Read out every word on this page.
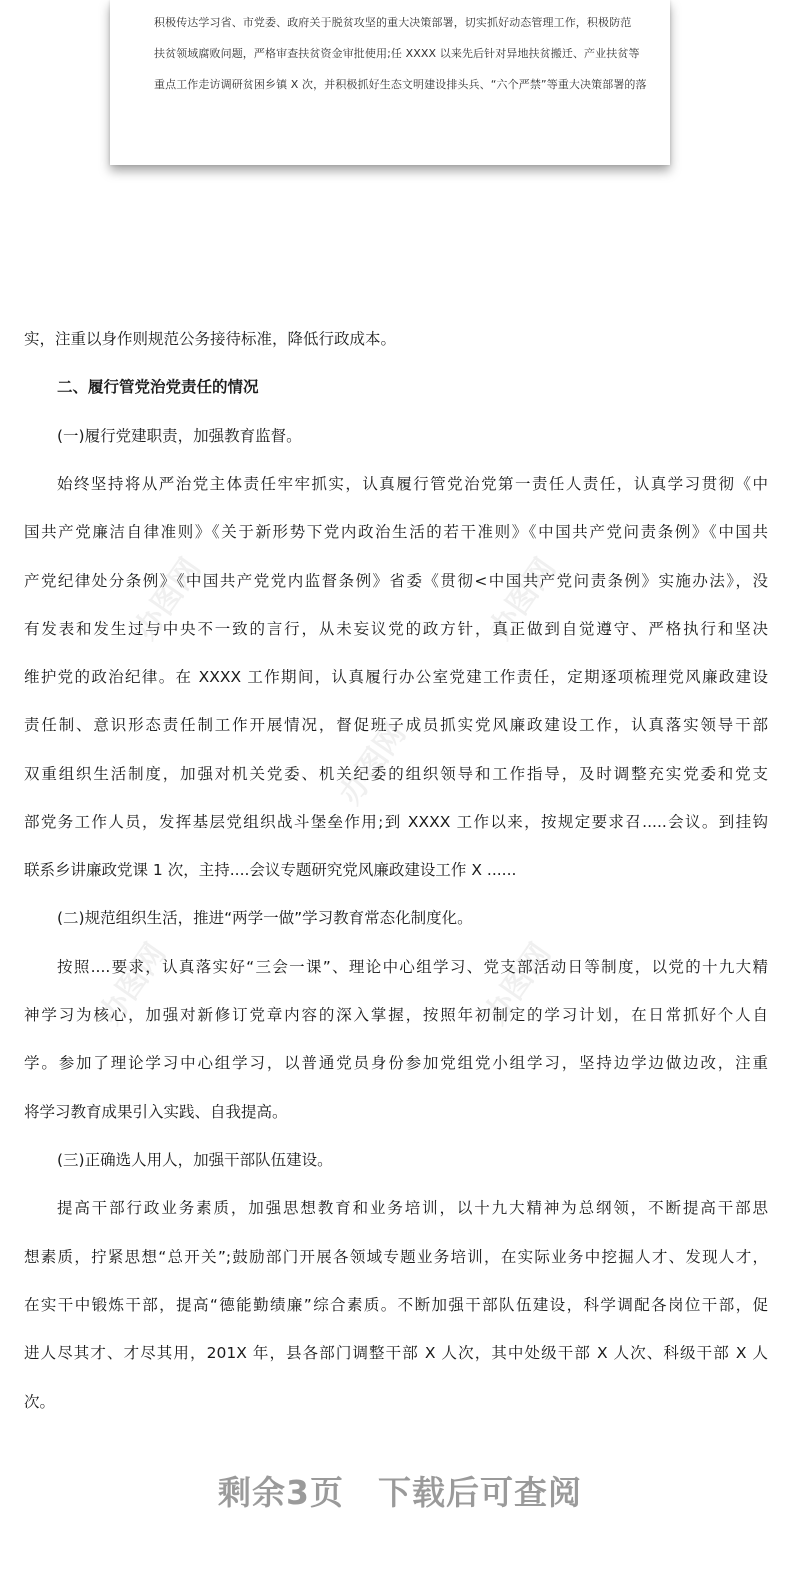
积极传达学习省、市党委、政府关于脱贫攻坚的重大决策部署，切实抓好动态管理工作，积极防范
扶贫领域腐败问题，严格审查扶贫资金审批使用;任 XXXX 以来先后针对异地扶贫搬迁、产业扶贫等
重点工作走访调研贫困乡镇 X 次，并积极抓好生态文明建设排头兵、“六个严禁”等重大决策部署的落
办图网	办图网
办图网
办图网	办图网
实，注重以身作则规范公务接待标准，降低行政成本。
二、履行管党治党责任的情况
(一)履行党建职责，加强教育监督。
始终坚持将从严治党主体责任牢牢抓实，认真履行管党治党第一责任人责任，认真学习贯彻《中
国共产党廉洁自律准则》《关于新形势下党内政治生活的若干准则》《中国共产党问责条例》《中国共
产党纪律处分条例》《中国共产党党内监督条例》省委《贯彻<中国共产党问责条例》实施办法》，没
有发表和发生过与中央不一致的言行，从未妄议党的政方针，真正做到自觉遵守、严格执行和坚决
维护党的政治纪律。在 XXXX 工作期间，认真履行办公室党建工作责任，定期逐项梳理党风廉政建设
责任制、意识形态责任制工作开展情况，督促班子成员抓实党风廉政建设工作，认真落实领导干部
双重组织生活制度，加强对机关党委、机关纪委的组织领导和工作指导，及时调整充实党委和党支
部党务工作人员，发挥基层党组织战斗堡垒作用;到 XXXX 工作以来，按规定要求召.....会议。到挂钩
联系乡讲廉政党课 1 次，主持....会议专题研究党风廉政建设工作 X ......
(二)规范组织生活，推进“两学一做”学习教育常态化制度化。
按照....要求，认真落实好“三会一课”、理论中心组学习、党支部活动日等制度，以党的十九大精
神学习为核心，加强对新修订党章内容的深入掌握，按照年初制定的学习计划，在日常抓好个人自
学。参加了理论学习中心组学习，以普通党员身份参加党组党小组学习，坚持边学边做边改，注重
将学习教育成果引入实践、自我提高。
(三)正确选人用人，加强干部队伍建设。
提高干部行政业务素质，加强思想教育和业务培训，以十九大精神为总纲领，不断提高干部思
想素质，拧紧思想“总开关”;鼓励部门开展各领域专题业务培训，在实际业务中挖掘人才、发现人才，
在实干中锻炼干部，提高“德能勤绩廉”综合素质。不断加强干部队伍建设，科学调配各岗位干部，促
进人尽其才、才尽其用，201X 年，县各部门调整干部 X 人次，其中处级干部 X 人次、科级干部 X 人
次。
剩余3页 下载后可查阅
